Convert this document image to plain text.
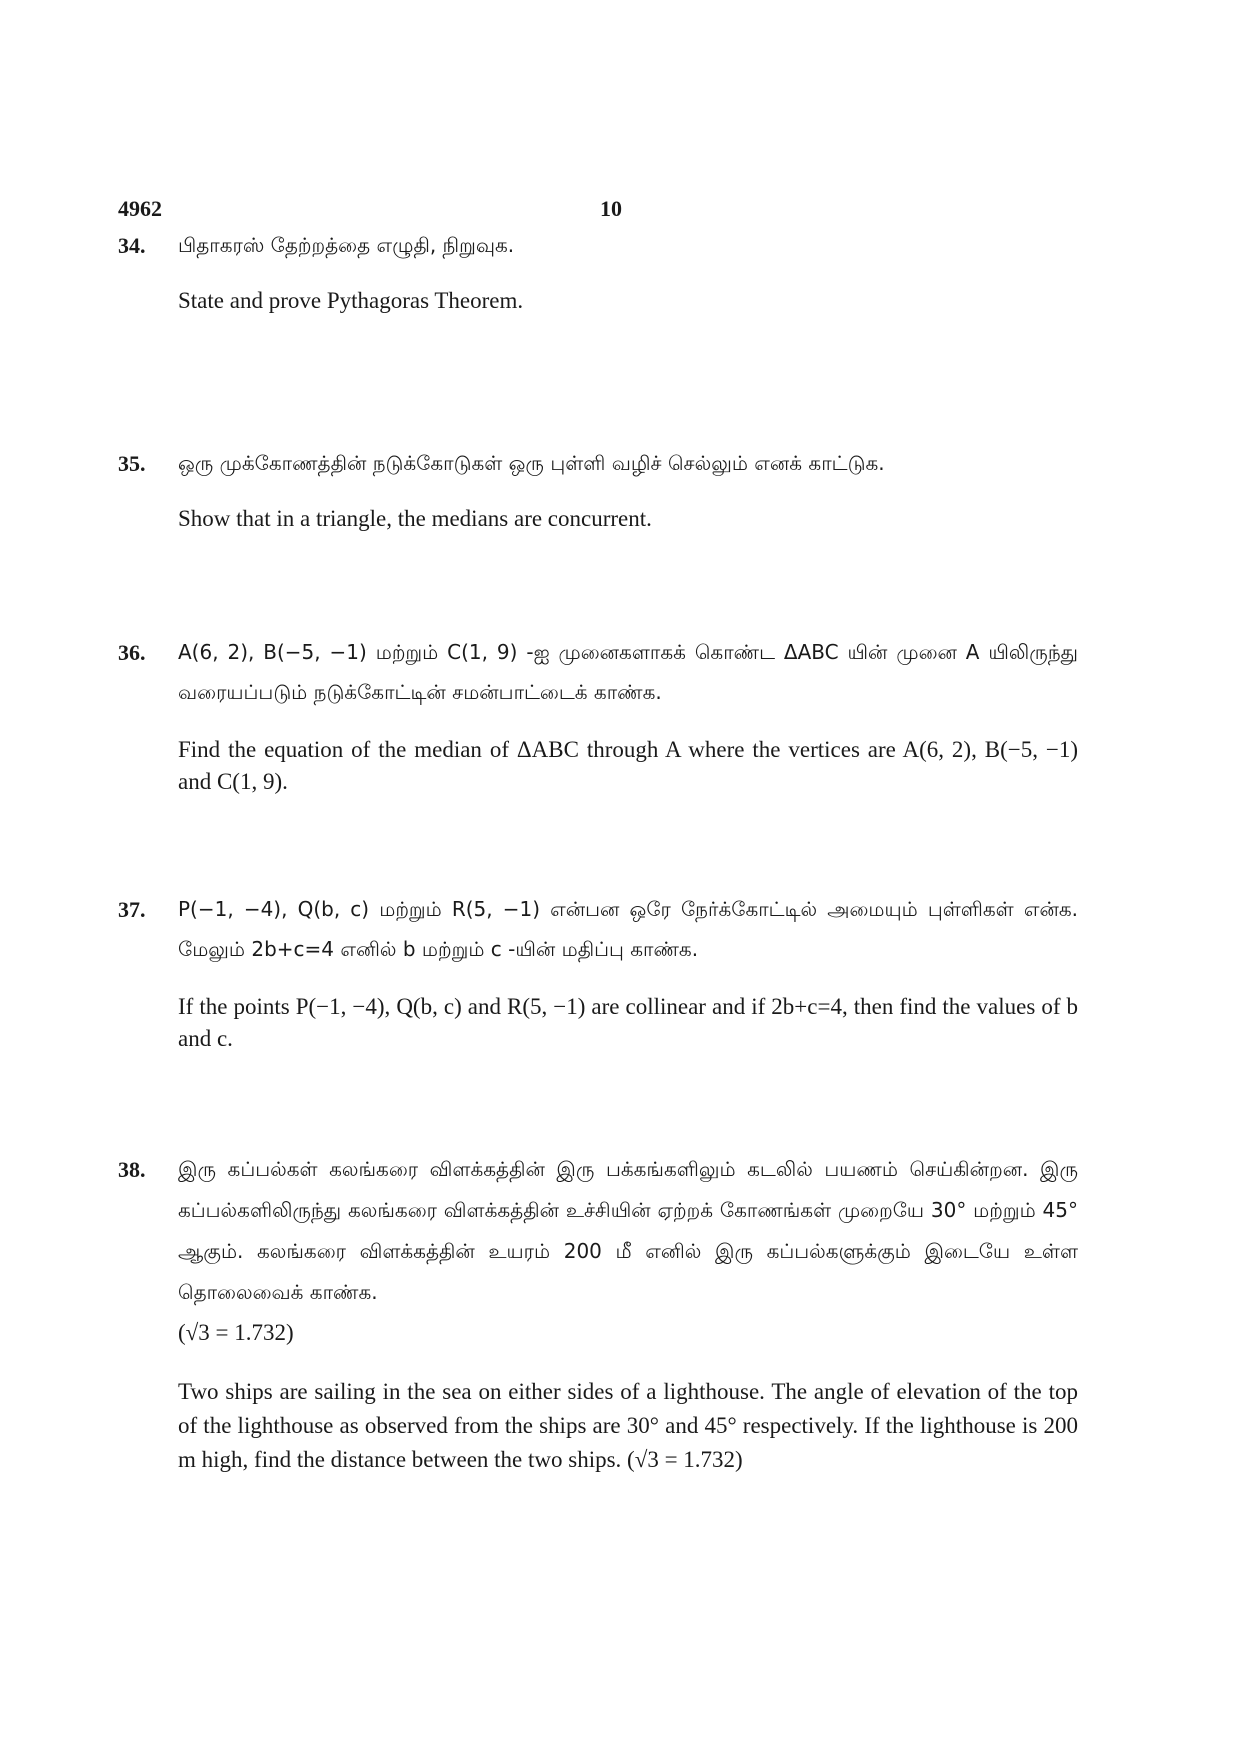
4962	10
34. பிதாகரஸ் தேற்றத்தை எழுதி, நிறுவுக.

State and prove Pythagoras Theorem.

35. ஒரு முக்கோணத்தின் நடுக்கோடுகள் ஒரு புள்ளி வழிச் செல்லும் எனக் காட்டுக.

Show that in a triangle, the medians are concurrent.

36. A(6, 2), B(−5, −1) மற்றும் C(1, 9) -ஐ முனைகளாகக் கொண்ட ΔABC யின் முனை A யிலிருந்து வரையப்படும் நடுக்கோட்டின் சமன்பாட்டைக் காண்க.

Find the equation of the median of ΔABC through A where the vertices are A(6, 2), B(−5, −1) and C(1, 9).

37. P(−1, −4), Q(b, c) மற்றும் R(5, −1) என்பன ஒரே நேர்க்கோட்டில் அமையும் புள்ளிகள் என்க. மேலும் 2b+c=4 எனில் b மற்றும் c -யின் மதிப்பு காண்க.

If the points P(−1, −4), Q(b, c) and R(5, −1) are collinear and if 2b+c=4, then find the values of b and c.

38. இரு கப்பல்கள் கலங்கரை விளக்கத்தின் இரு பக்கங்களிலும் கடலில் பயணம் செய்கின்றன. இரு கப்பல்களிலிருந்து கலங்கரை விளக்கத்தின் உச்சியின் ஏற்றக் கோணங்கள் முறையே 30° மற்றும் 45° ஆகும். கலங்கரை விளக்கத்தின் உயரம் 200 மீ எனில் இரு கப்பல்களுக்கும் இடையே உள்ள தொலைவைக் காண்க.

(√3 = 1.732)

Two ships are sailing in the sea on either sides of a lighthouse. The angle of elevation of the top of the lighthouse as observed from the ships are 30° and 45° respectively. If the lighthouse is 200 m high, find the distance between the two ships. (√3 = 1.732)
